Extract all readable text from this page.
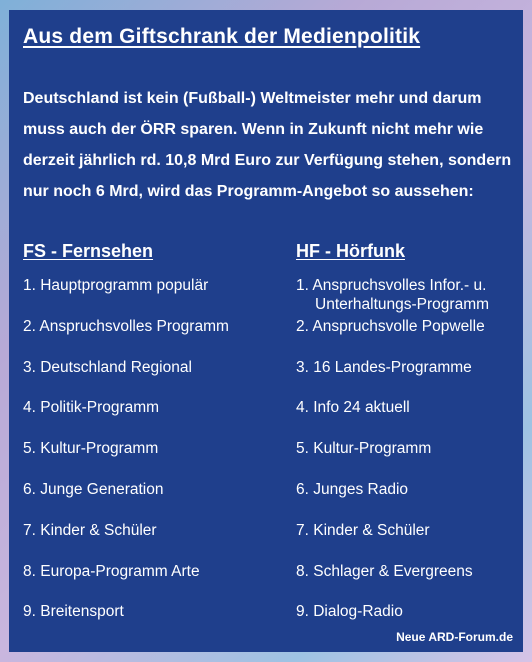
Aus dem Giftschrank der Medienpolitik

Deutschland ist kein (Fußball-) Weltmeister mehr und darum muss auch der ÖRR sparen. Wenn in Zukunft nicht mehr wie derzeit jährlich rd. 10,8 Mrd Euro zur Verfügung stehen, sondern nur noch 6 Mrd, wird das Programm-Angebot so aussehen:

FS - Fernsehen	HF - Hörfunk
1. Hauptprogramm populär
2. Anspruchsvolles Programm
3. Deutschland Regional
4. Politik-Programm
5. Kultur-Programm
6. Junge Generation
7. Kinder & Schüler
8. Europa-Programm Arte
9. Breitensport
1. Anspruchsvolles Infor.- u.
Unterhaltungs-Programm
2. Anspruchsvolle Popwelle
3. 16 Landes-Programme
4. Info 24 aktuell
5. Kultur-Programm
6. Junges Radio
7. Kinder & Schüler
8. Schlager & Evergreens
9. Dialog-Radio
Neue ARD-Forum.de
